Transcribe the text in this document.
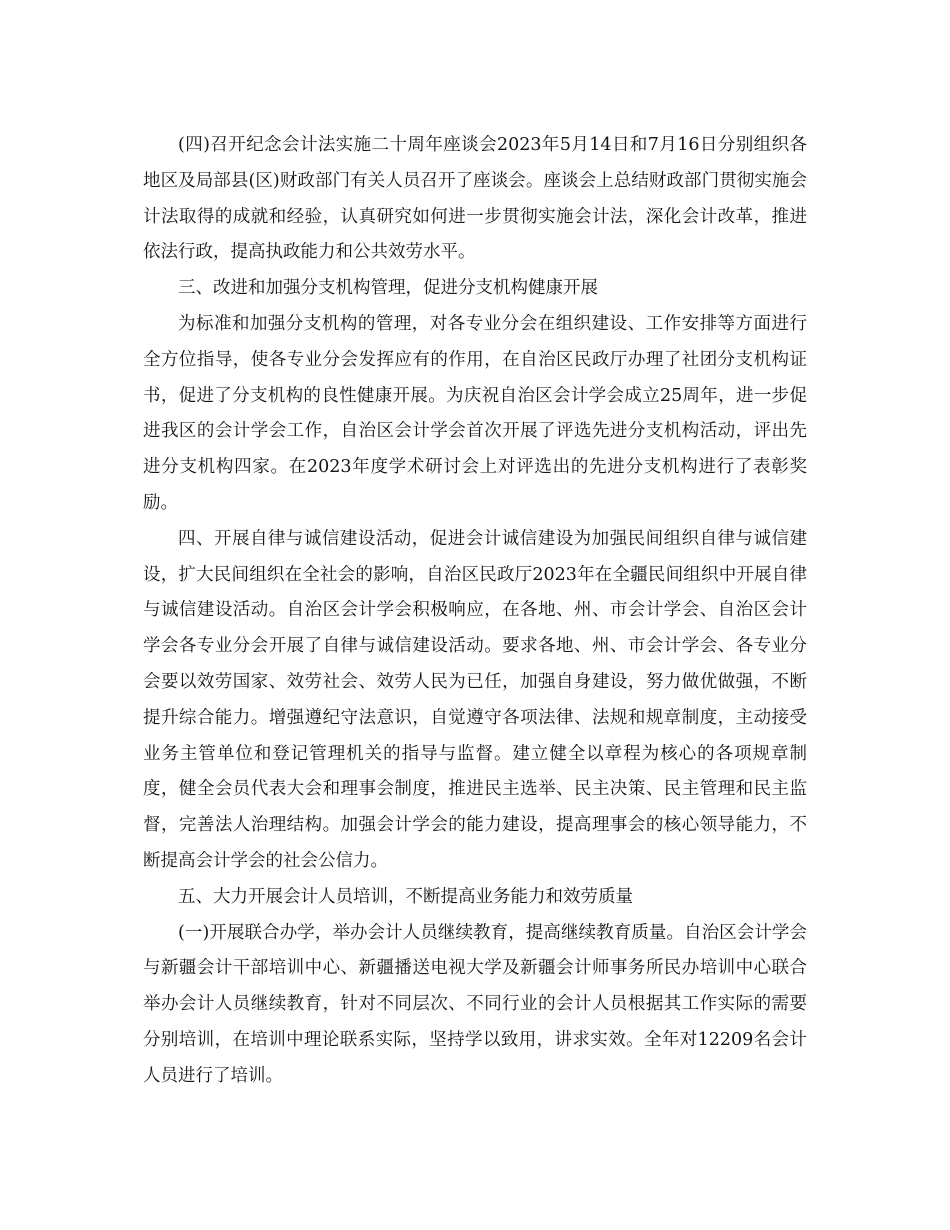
(四)召开纪念会计法实施二十周年座谈会2023年5月14日和7月16日分别组织各地区及局部县(区)财政部门有关人员召开了座谈会。座谈会上总结财政部门贯彻实施会计法取得的成就和经验，认真研究如何进一步贯彻实施会计法，深化会计改革，推进依法行政，提高执政能力和公共效劳水平。

三、改进和加强分支机构管理，促进分支机构健康开展

为标准和加强分支机构的管理，对各专业分会在组织建设、工作安排等方面进行全方位指导，使各专业分会发挥应有的作用，在自治区民政厅办理了社团分支机构证书，促进了分支机构的良性健康开展。为庆祝自治区会计学会成立25周年，进一步促进我区的会计学会工作，自治区会计学会首次开展了评选先进分支机构活动，评出先进分支机构四家。在2023年度学术研讨会上对评选出的先进分支机构进行了表彰奖励。

四、开展自律与诚信建设活动，促进会计诚信建设为加强民间组织自律与诚信建设，扩大民间组织在全社会的影响，自治区民政厅2023年在全疆民间组织中开展自律与诚信建设活动。自治区会计学会积极响应，在各地、州、市会计学会、自治区会计学会各专业分会开展了自律与诚信建设活动。要求各地、州、市会计学会、各专业分会要以效劳国家、效劳社会、效劳人民为已任，加强自身建设，努力做优做强，不断提升综合能力。增强遵纪守法意识，自觉遵守各项法律、法规和规章制度，主动接受业务主管单位和登记管理机关的指导与监督。建立健全以章程为核心的各项规章制度，健全会员代表大会和理事会制度，推进民主选举、民主决策、民主管理和民主监督，完善法人治理结构。加强会计学会的能力建设，提高理事会的核心领导能力，不断提高会计学会的社会公信力。

五、大力开展会计人员培训，不断提高业务能力和效劳质量

(一)开展联合办学，举办会计人员继续教育，提高继续教育质量。自治区会计学会与新疆会计干部培训中心、新疆播送电视大学及新疆会计师事务所民办培训中心联合举办会计人员继续教育，针对不同层次、不同行业的会计人员根据其工作实际的需要分别培训，在培训中理论联系实际，坚持学以致用，讲求实效。全年对12209名会计人员进行了培训。
